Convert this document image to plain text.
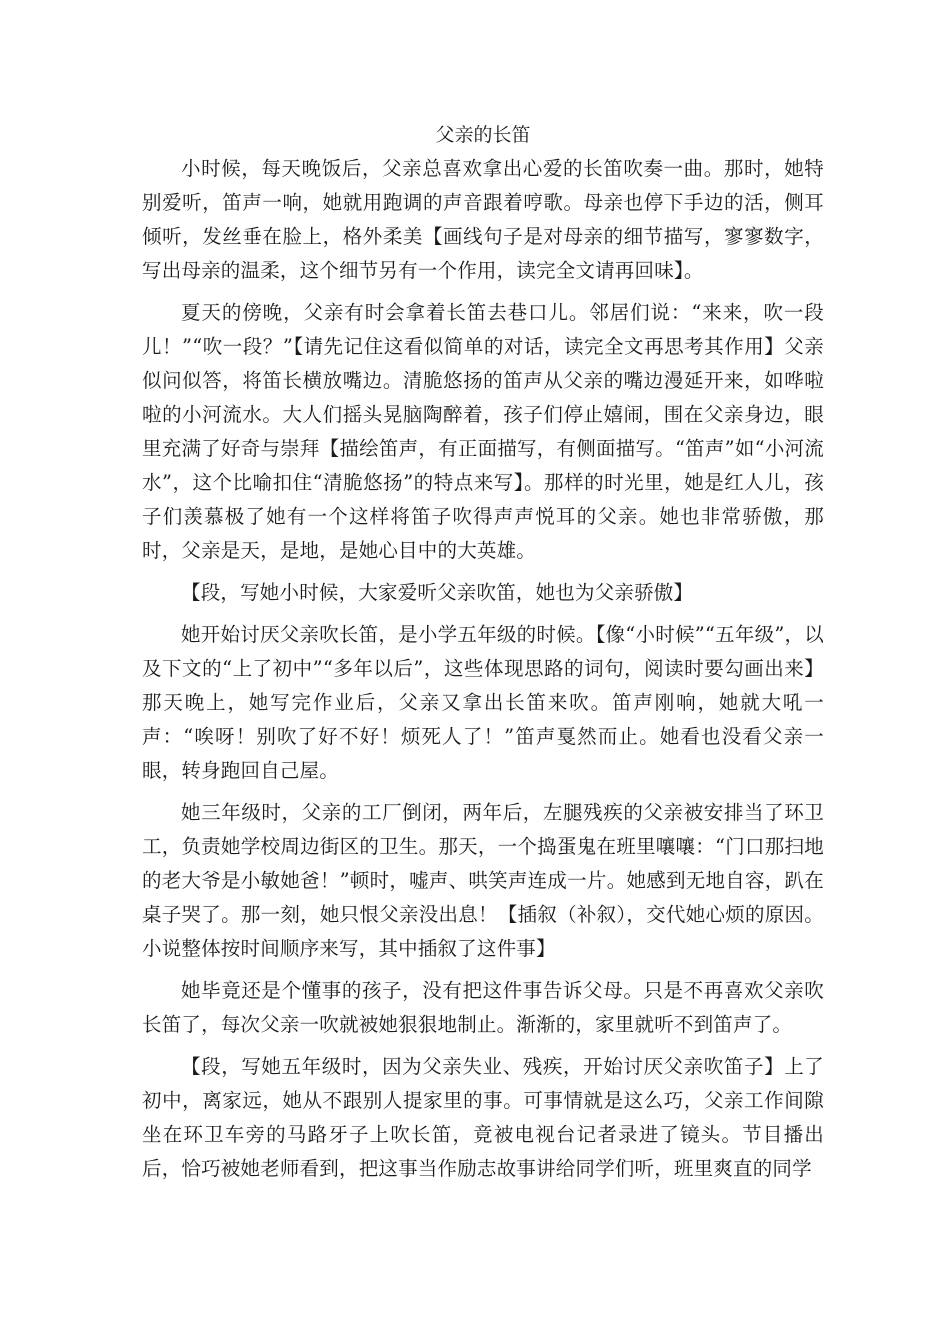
父亲的长笛

小时候，每天晚饭后，父亲总喜欢拿出心爱的长笛吹奏一曲。那时，她特别爱听，笛声一响，她就用跑调的声音跟着哼歌。母亲也停下手边的活，侧耳倾听，发丝垂在脸上，格外柔美【画线句子是对母亲的细节描写，寥寥数字，写出母亲的温柔，这个细节另有一个作用，读完全文请再回味】。

夏天的傍晚，父亲有时会拿着长笛去巷口儿。邻居们说：“来来，吹一段儿！”“吹一段？”【请先记住这看似简单的对话，读完全文再思考其作用】父亲似问似答，将笛长横放嘴边。清脆悠扬的笛声从父亲的嘴边漫延开来，如哗啦啦的小河流水。大人们摇头晃脑陶醉着，孩子们停止嬉闹，围在父亲身边，眼里充满了好奇与崇拜【描绘笛声，有正面描写，有侧面描写。“笛声”如“小河流水”，这个比喻扣住“清脆悠扬”的特点来写】。那样的时光里，她是红人儿，孩子们羡慕极了她有一个这样将笛子吹得声声悦耳的父亲。她也非常骄傲，那时，父亲是天，是地，是她心目中的大英雄。

【段，写她小时候，大家爱听父亲吹笛，她也为父亲骄傲】

她开始讨厌父亲吹长笛，是小学五年级的时候。【像“小时候”“五年级”，以及下文的“上了初中”“多年以后”，这些体现思路的词句，阅读时要勾画出来】那天晚上，她写完作业后，父亲又拿出长笛来吹。笛声刚响，她就大吼一声：“唉呀！别吹了好不好！烦死人了！”笛声戛然而止。她看也没看父亲一眼，转身跑回自己屋。

她三年级时，父亲的工厂倒闭，两年后，左腿残疾的父亲被安排当了环卫工，负责她学校周边街区的卫生。那天，一个捣蛋鬼在班里嚷嚷：“门口那扫地的老大爷是小敏她爸！”顿时，嘘声、哄笑声连成一片。她感到无地自容，趴在桌子哭了。那一刻，她只恨父亲没出息！【插叙（补叙），交代她心烦的原因。小说整体按时间顺序来写，其中插叙了这件事】

她毕竟还是个懂事的孩子，没有把这件事告诉父母。只是不再喜欢父亲吹长笛了，每次父亲一吹就被她狠狠地制止。渐渐的，家里就听不到笛声了。

【段，写她五年级时，因为父亲失业、残疾，开始讨厌父亲吹笛子】上了初中，离家远，她从不跟别人提家里的事。可事情就是这么巧，父亲工作间隙坐在环卫车旁的马路牙子上吹长笛，竟被电视台记者录进了镜头。节目播出后，恰巧被她老师看到，把这事当作励志故事讲给同学们听，班里爽直的同学
